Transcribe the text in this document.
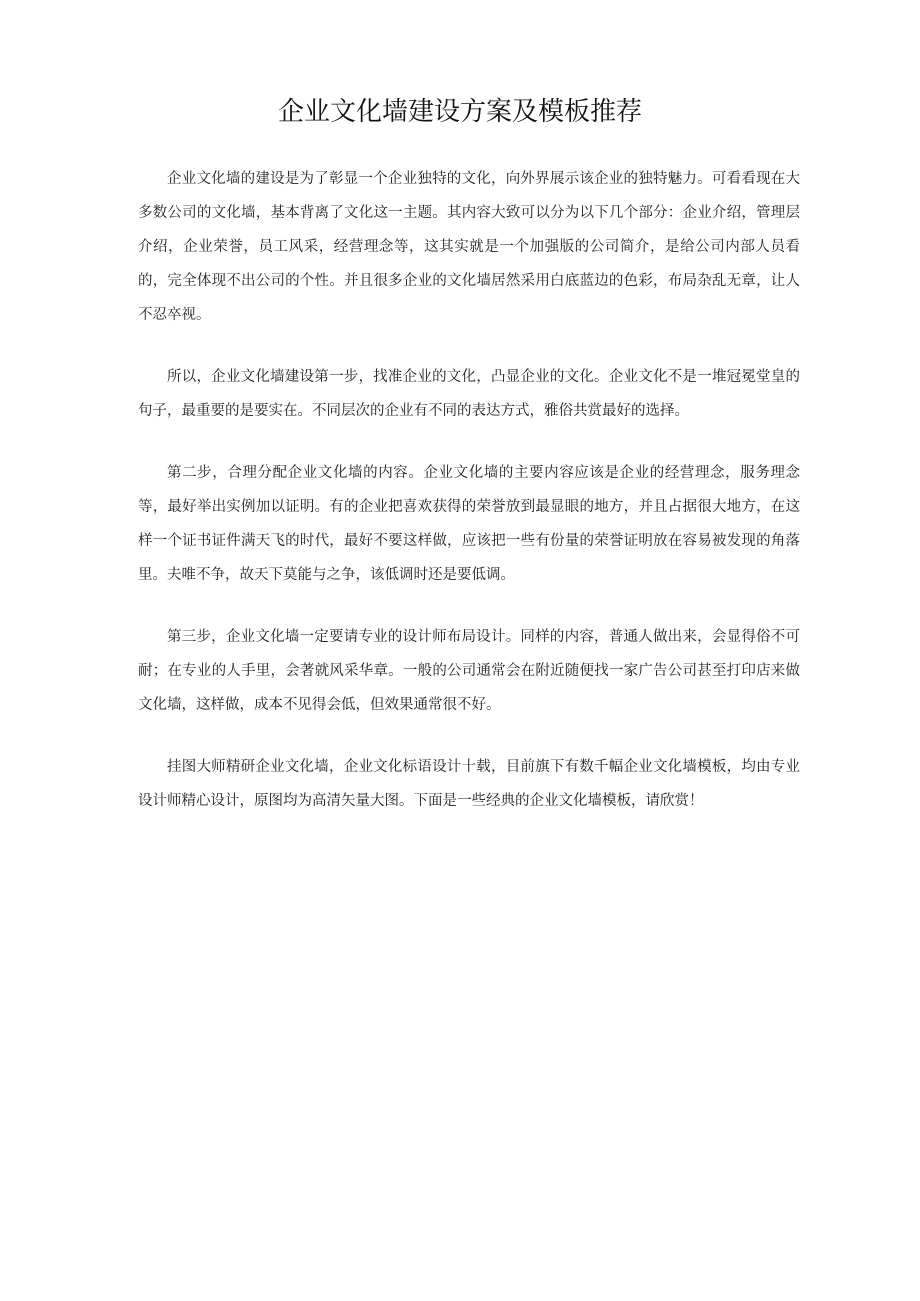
企业文化墙建设方案及模板推荐

企业文化墙的建设是为了彰显一个企业独特的文化，向外界展示该企业的独特魅力。可看看现在大多数公司的文化墙，基本背离了文化这一主题。其内容大致可以分为以下几个部分：企业介绍，管理层介绍，企业荣誉，员工风采，经营理念等，这其实就是一个加强版的公司简介，是给公司内部人员看的，完全体现不出公司的个性。并且很多企业的文化墙居然采用白底蓝边的色彩，布局杂乱无章，让人不忍卒视。

所以，企业文化墙建设第一步，找准企业的文化，凸显企业的文化。企业文化不是一堆冠冕堂皇的句子，最重要的是要实在。不同层次的企业有不同的表达方式，雅俗共赏最好的选择。

第二步，合理分配企业文化墙的内容。企业文化墙的主要内容应该是企业的经营理念，服务理念等，最好举出实例加以证明。有的企业把喜欢获得的荣誉放到最显眼的地方，并且占据很大地方，在这样一个证书证件满天飞的时代，最好不要这样做，应该把一些有份量的荣誉证明放在容易被发现的角落里。夫唯不争，故天下莫能与之争，该低调时还是要低调。

第三步，企业文化墙一定要请专业的设计师布局设计。同样的内容，普通人做出来，会显得俗不可耐；在专业的人手里，会著就风采华章。一般的公司通常会在附近随便找一家广告公司甚至打印店来做文化墙，这样做，成本不见得会低，但效果通常很不好。

挂图大师精研企业文化墙，企业文化标语设计十载，目前旗下有数千幅企业文化墙模板，均由专业设计师精心设计，原图均为高清矢量大图。下面是一些经典的企业文化墙模板，请欣赏！
